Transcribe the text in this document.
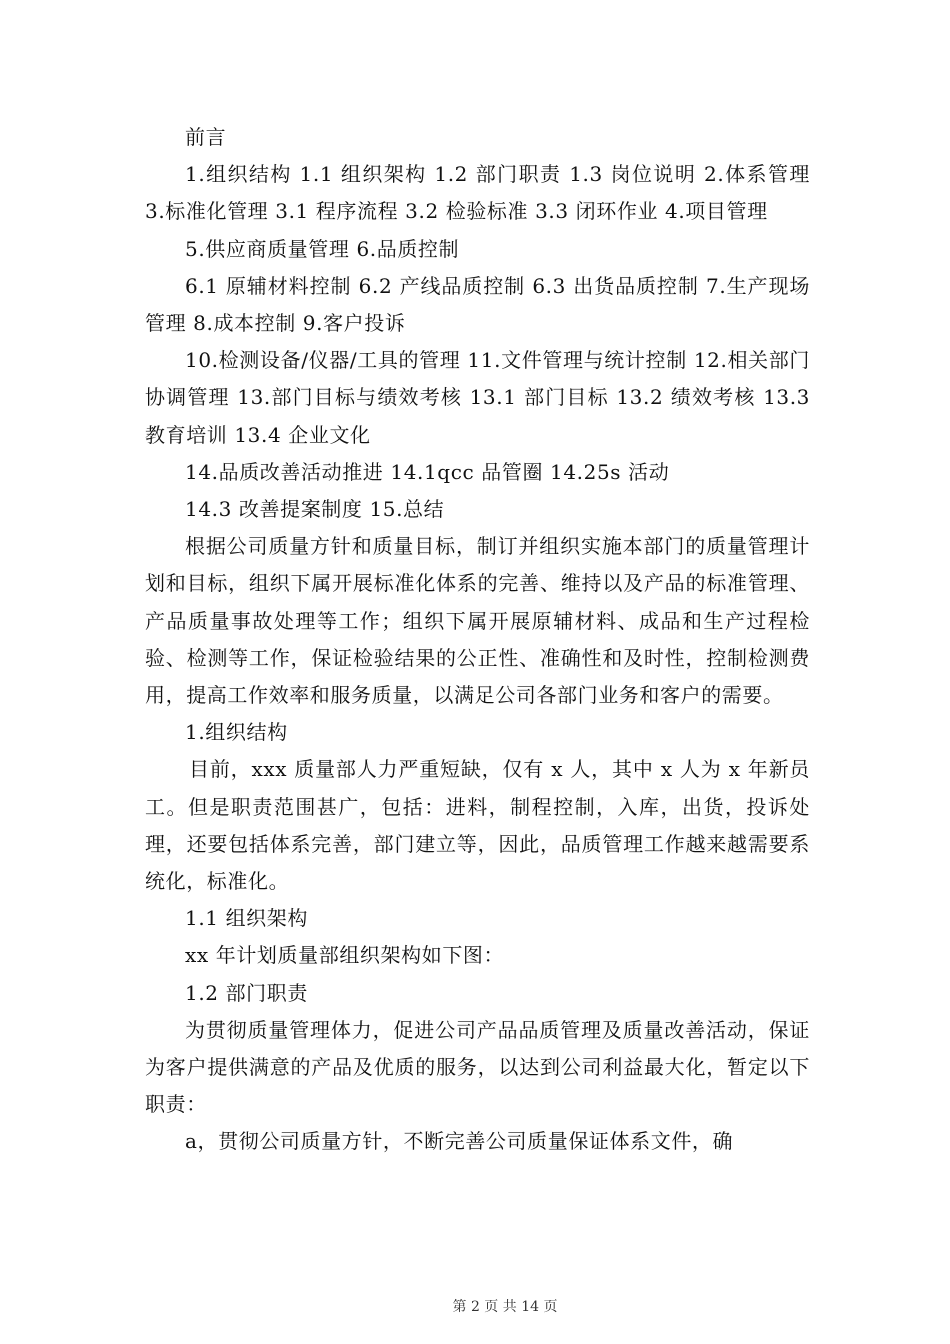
前言

1.组织结构 1.1 组织架构 1.2 部门职责 1.3 岗位说明 2.体系管理 3.标准化管理 3.1 程序流程 3.2 检验标准 3.3 闭环作业 4.项目管理

5.供应商质量管理 6.品质控制

6.1 原辅材料控制 6.2 产线品质控制 6.3 出货品质控制 7.生产现场管理 8.成本控制 9.客户投诉

10.检测设备/仪器/工具的管理 11.文件管理与统计控制 12.相关部门协调管理 13.部门目标与绩效考核 13.1 部门目标 13.2 绩效考核 13.3 教育培训 13.4 企业文化

14.品质改善活动推进 14.1qcc 品管圈 14.25s 活动

14.3 改善提案制度 15.总结

根据公司质量方针和质量目标，制订并组织实施本部门的质量管理计划和目标，组织下属开展标准化体系的完善、维持以及产品的标准管理、产品质量事故处理等工作；组织下属开展原辅材料、成品和生产过程检验、检测等工作，保证检验结果的公正性、准确性和及时性，控制检测费用，提高工作效率和服务质量，以满足公司各部门业务和客户的需要。

1.组织结构

目前，xxx 质量部人力严重短缺，仅有 x 人，其中 x 人为 x 年新员工。但是职责范围甚广，包括：进料，制程控制，入库，出货，投诉处理，还要包括体系完善，部门建立等，因此，品质管理工作越来越需要系统化，标准化。

1.1 组织架构

xx 年计划质量部组织架构如下图：

1.2 部门职责

为贯彻质量管理体力，促进公司产品品质管理及质量改善活动，保证为客户提供满意的产品及优质的服务，以达到公司利益最大化，暂定以下职责：

a，贯彻公司质量方针，不断完善公司质量保证体系文件，确

第 2 页 共 14 页
